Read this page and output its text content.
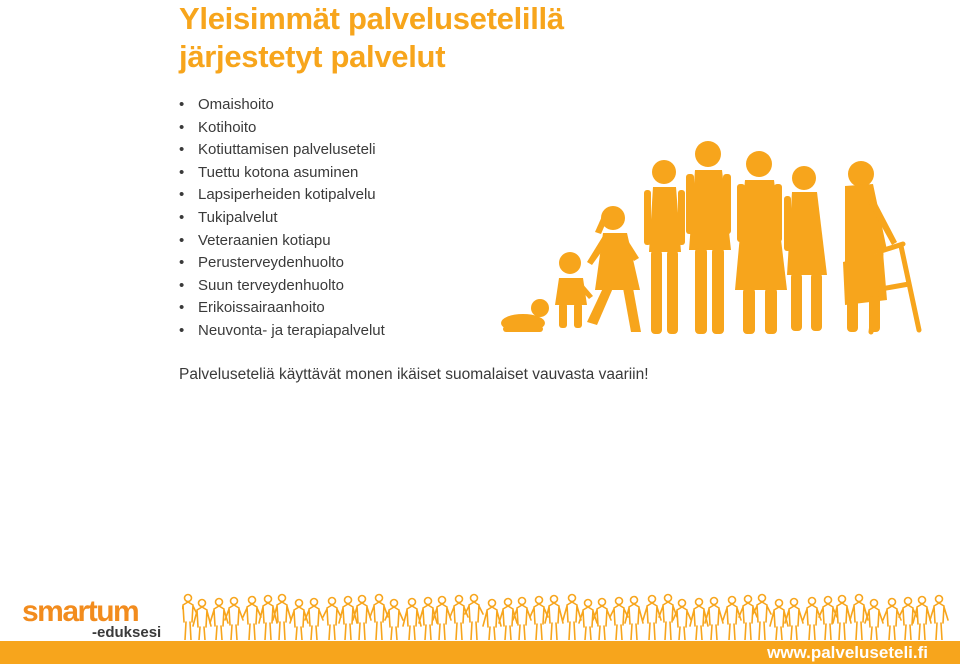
Yleisimmät palvelusetelillä
järjestetyt palvelut
• Omaishoito
• Kotihoito
• Kotiuttamisen palveluseteli
• Tuettu kotona asuminen
• Lapsiperheiden kotipalvelu
• Tukipalvelut
• Veteraanien kotiapu
• Perusterveydenhuolto
• Suun terveydenhuolto
• Erikoissairaanhoito
• Neuvonta- ja terapiapalvelut

Palveluseteliä käyttävät monen ikäiset suomalaiset vauvasta vaariin!

smartum
-eduksesi

www.palveluseteli.fi
